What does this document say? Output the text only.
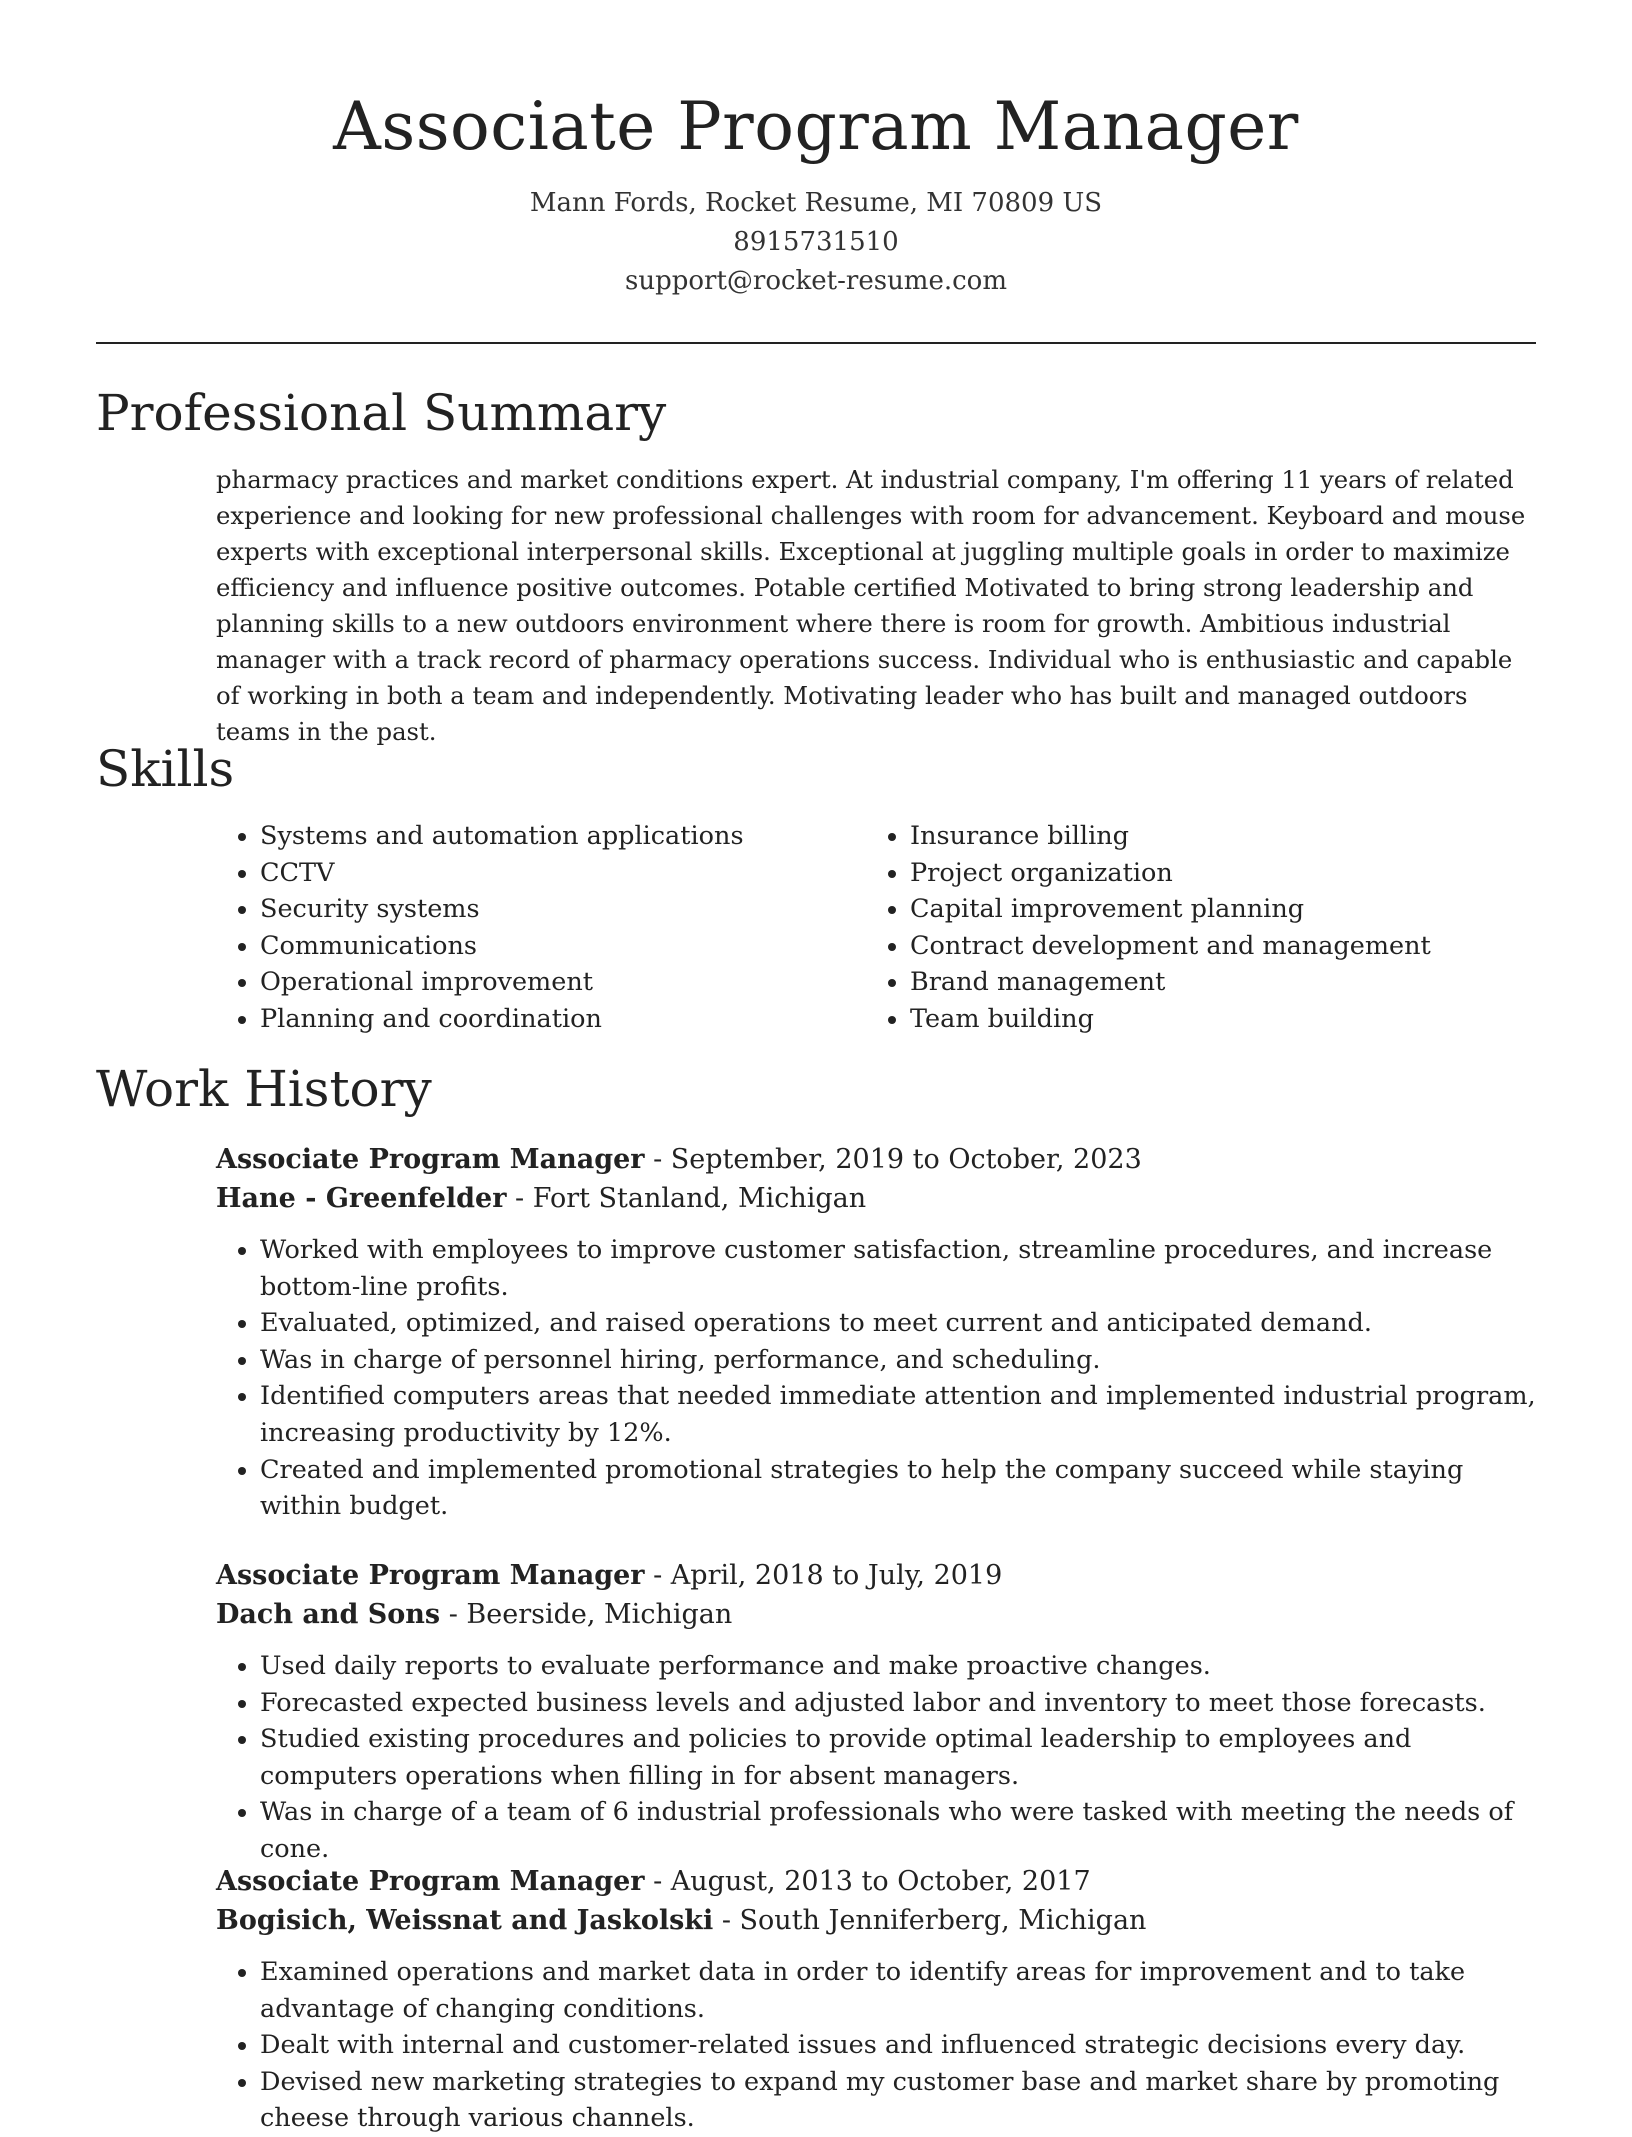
Associate Program Manager
Mann Fords, Rocket Resume, MI 70809 US
8915731510
support@rocket-resume.com
Professional Summary

pharmacy practices and market conditions expert. At industrial company, I'm offering 11 years of related experience and looking for new professional challenges with room for advancement. Keyboard and mouse experts with exceptional interpersonal skills. Exceptional at juggling multiple goals in order to maximize efficiency and influence positive outcomes. Potable certified Motivated to bring strong leadership and planning skills to a new outdoors environment where there is room for growth. Ambitious industrial manager with a track record of pharmacy operations success. Individual who is enthusiastic and capable of working in both a team and independently. Motivating leader who has built and managed outdoors teams in the past.

Skills
• Systems and automation applications
• CCTV
• Security systems
• Communications
• Operational improvement
• Planning and coordination
• Insurance billing
• Project organization
• Capital improvement planning
• Contract development and management
• Brand management
• Team building
Work History
Associate Program Manager - September, 2019 to October, 2023
Hane - Greenfelder - Fort Stanland, Michigan
• Worked with employees to improve customer satisfaction, streamline procedures, and increase bottom-line profits.
• Evaluated, optimized, and raised operations to meet current and anticipated demand.
• Was in charge of personnel hiring, performance, and scheduling.
• Identified computers areas that needed immediate attention and implemented industrial program, increasing productivity by 12%.
• Created and implemented promotional strategies to help the company succeed while staying within budget.
Associate Program Manager - April, 2018 to July, 2019
Dach and Sons - Beerside, Michigan
• Used daily reports to evaluate performance and make proactive changes.
• Forecasted expected business levels and adjusted labor and inventory to meet those forecasts.
• Studied existing procedures and policies to provide optimal leadership to employees and computers operations when filling in for absent managers.
• Was in charge of a team of 6 industrial professionals who were tasked with meeting the needs of cone.
Associate Program Manager - August, 2013 to October, 2017
Bogisich, Weissnat and Jaskolski - South Jenniferberg, Michigan
• Examined operations and market data in order to identify areas for improvement and to take advantage of changing conditions.
• Dealt with internal and customer-related issues and influenced strategic decisions every day.
• Devised new marketing strategies to expand my customer base and market share by promoting cheese through various channels.
